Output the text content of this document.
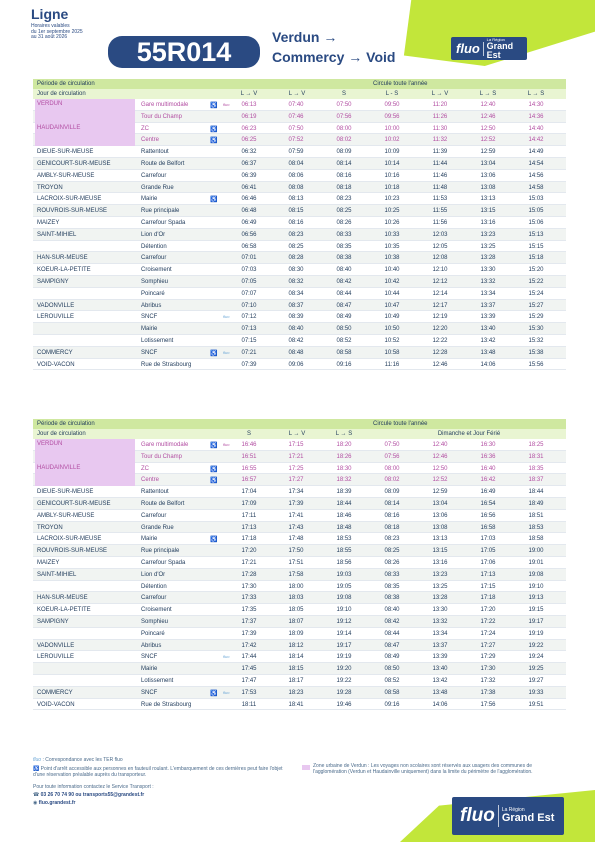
Ligne
Horaires valables
du 1er septembre 2025
au 31 août 2026	55R014	Verdun →
Commercy → Void
fluo
La Région
Grand Est
Période de circulation	Circule toute l'année
Jour de circulation	L → V	L → V	S	L - S	L → V	L → S	L → S
VERDUN	Gare multimodale	♿ fluo	06:13	07:40	07:50	09:50	11:20	12:40	14:30
Tour du Champ	06:19	07:46	07:56	09:56	11:26	12:46	14:36
HAUDAINVILLE	ZC	♿	06:23	07:50	08:00	10:00	11:30	12:50	14:40
Centre	♿	06:25	07:52	08:02	10:02	11:32	12:52	14:42
DIEUE-SUR-MEUSE	Rattentout	06:32	07:59	08:09	10:09	11:39	12:59	14:49
GENICOURT-SUR-MEUSE	Route de Belfort	06:37	08:04	08:14	10:14	11:44	13:04	14:54
AMBLY-SUR-MEUSE	Carrefour	06:39	08:06	08:16	10:16	11:46	13:06	14:56
TROYON	Grande Rue	06:41	08:08	08:18	10:18	11:48	13:08	14:58
LACROIX-SUR-MEUSE	Mairie	♿	06:46	08:13	08:23	10:23	11:53	13:13	15:03
ROUVROIS-SUR-MEUSE	Rue principale	06:48	08:15	08:25	10:25	11:55	13:15	15:05
MAIZEY	Carrefour Spada	06:49	08:16	08:26	10:26	11:56	13:16	15:06
SAINT-MIHIEL	Lion d'Or	06:56	08:23	08:33	10:33	12:03	13:23	15:13
Détention	06:58	08:25	08:35	10:35	12:05	13:25	15:15
HAN-SUR-MEUSE	Carrefour	07:01	08:28	08:38	10:38	12:08	13:28	15:18
KOEUR-LA-PETITE	Croisement	07:03	08:30	08:40	10:40	12:10	13:30	15:20
SAMPIGNY	Somphieu	07:05	08:32	08:42	10:42	12:12	13:32	15:22
Poincaré	07:07	08:34	08:44	10:44	12:14	13:34	15:24
VADONVILLE	Abribus	07:10	08:37	08:47	10:47	12:17	13:37	15:27
LEROUVILLE	SNCF	fluo	07:12	08:39	08:49	10:49	12:19	13:39	15:29
Mairie	07:13	08:40	08:50	10:50	12:20	13:40	15:30
Lotissement	07:15	08:42	08:52	10:52	12:22	13:42	15:32
COMMERCY	SNCF	♿ fluo	07:21	08:48	08:58	10:58	12:28	13:48	15:38
VOID-VACON	Rue de Strasbourg	07:39	09:06	09:16	11:16	12:46	14:06	15:56
Période de circulation	Circule toute l'année
Jour de circulation	S	L → V	L → S	Dimanche et Jour Férié
VERDUN	Gare multimodale	♿ fluo	16:46	17:15	18:20	07:50	12:40	16:30	18:25
Tour du Champ	16:51	17:21	18:26	07:56	12:46	16:36	18:31
HAUDAINVILLE	ZC	♿	16:55	17:25	18:30	08:00	12:50	16:40	18:35
Centre	♿	16:57	17:27	18:32	08:02	12:52	16:42	18:37
DIEUE-SUR-MEUSE	Rattentout	17:04	17:34	18:39	08:09	12:59	16:49	18:44
GENICOURT-SUR-MEUSE	Route de Belfort	17:09	17:39	18:44	08:14	13:04	16:54	18:49
AMBLY-SUR-MEUSE	Carrefour	17:11	17:41	18:46	08:16	13:06	16:56	18:51
TROYON	Grande Rue	17:13	17:43	18:48	08:18	13:08	16:58	18:53
LACROIX-SUR-MEUSE	Mairie	♿	17:18	17:48	18:53	08:23	13:13	17:03	18:58
ROUVROIS-SUR-MEUSE	Rue principale	17:20	17:50	18:55	08:25	13:15	17:05	19:00
MAIZEY	Carrefour Spada	17:21	17:51	18:56	08:26	13:16	17:06	19:01
SAINT-MIHIEL	Lion d'Or	17:28	17:58	19:03	08:33	13:23	17:13	19:08
Détention	17:30	18:00	19:05	08:35	13:25	17:15	19:10
HAN-SUR-MEUSE	Carrefour	17:33	18:03	19:08	08:38	13:28	17:18	19:13
KOEUR-LA-PETITE	Croisement	17:35	18:05	19:10	08:40	13:30	17:20	19:15
SAMPIGNY	Somphieu	17:37	18:07	19:12	08:42	13:32	17:22	19:17
Poincaré	17:39	18:09	19:14	08:44	13:34	17:24	19:19
VADONVILLE	Abribus	17:42	18:12	19:17	08:47	13:37	17:27	19:22
LEROUVILLE	SNCF	fluo	17:44	18:14	19:19	08:49	13:39	17:29	19:24
Mairie	17:45	18:15	19:20	08:50	13:40	17:30	19:25
Lotissement	17:47	18:17	19:22	08:52	13:42	17:32	19:27
COMMERCY	SNCF	♿ fluo	17:53	18:23	19:28	08:58	13:48	17:38	19:33
VOID-VACON	Rue de Strasbourg	18:11	18:41	19:46	09:16	14:06	17:56	19:51
fluo : Correspondance avec les TER fluo
♿ Point d'arrêt accessible aux personnes en fauteuil roulant. L'embarquement de ces dernières peut faire l'objet d'une réservation préalable auprès du transporteur.
Pour toute information contactez le Service Transport :
☎ 03 26 70 74 90 ou transports55@grandest.fr
◉ fluo.grandest.fr
Zone urbaine de Verdun : Les voyages non scolaires sont réservés aux usagers des communes de l'agglomération (Verdun et Haudainville uniquement) dans la limite du périmètre de l'agglomération.
fluo La Région
Grand Est
